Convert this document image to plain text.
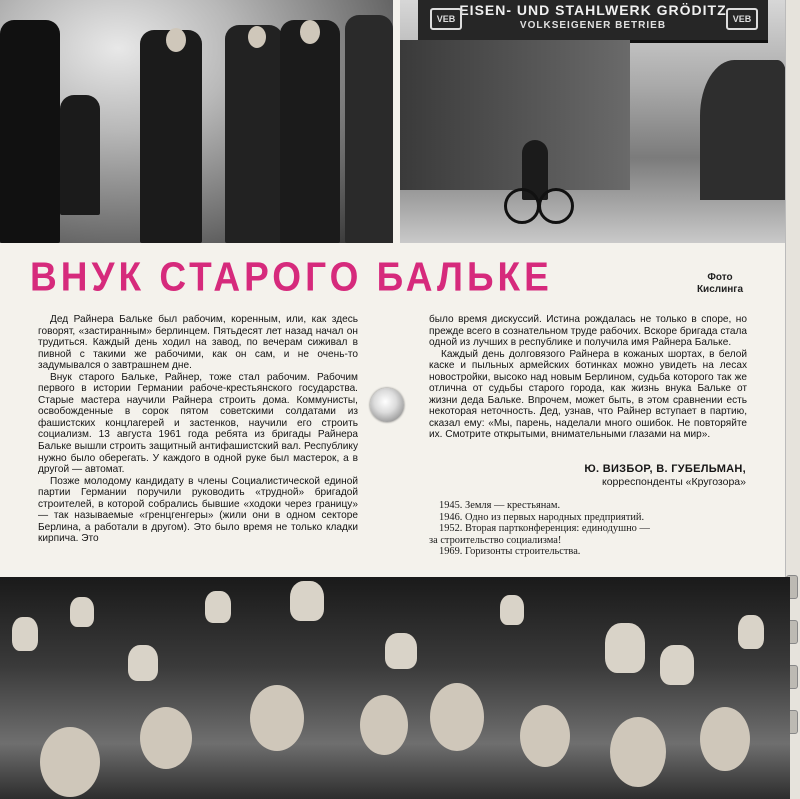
EISEN- UND STAHLWERK GRÖDITZ
VOLKSEIGENER BETRIEB
VEB	VEB
ВНУК СТАРОГО БАЛЬКЕ	Фото
Кислинга

Дед Райнера Бальке был рабочим, коренным, или, как здесь говорят, «застиранным» берлинцем. Пятьдесят лет назад начал он трудиться. Каждый день ходил на завод, по вечерам сиживал в пивной с такими же рабочими, как он сам, и не очень-то задумывался о завтрашнем дне.

Внук старого Бальке, Райнер, тоже стал рабочим. Рабочим первого в истории Германии рабоче-крестьянского государства. Старые мастера научили Райнера строить дома. Коммунисты, освобожденные в сорок пятом советскими солдатами из фашистских концлагерей и застенков, научили его строить социализм. 13 августа 1961 года ребята из бригады Райнера Бальке вышли строить защитный антифашистский вал. Республику нужно было оберегать. У каждого в одной руке был мастерок, а в другой — автомат.

Позже молодому кандидату в члены Социалистической единой партии Германии поручили руководить «трудной» бригадой строителей, в которой собрались бывшие «ходоки через границу» — так называемые «гренцгенгеры» (жили они в одном секторе Берлина, а работали в другом). Это было время не только кладки кирпича. Это

было время дискуссий. Истина рождалась не только в споре, но прежде всего в сознательном труде рабочих. Вскоре бригада стала одной из лучших в республике и получила имя Райнера Бальке.

Каждый день долговязого Райнера в кожаных шортах, в белой каске и пыльных армейских ботинках можно увидеть на лесах новостройки, высоко над новым Берлином, судьба которого так же отлична от судьбы старого города, как жизнь внука Бальке от жизни деда Бальке. Впрочем, может быть, в этом сравнении есть некоторая неточность. Дед, узнав, что Райнер вступает в партию, сказал ему: «Мы, парень, наделали много ошибок. Не повторяйте их. Смотрите открытыми, внимательными глазами на мир».

Ю. ВИЗБОР, В. ГУБЕЛЬМАН,
корреспонденты «Кругозора»
1945. Земля — крестьянам.
1946. Одно из первых народных предприятий.
1952. Вторая партконференция: единодушно —
за строительство социализма!
1969. Горизонты строительства.
